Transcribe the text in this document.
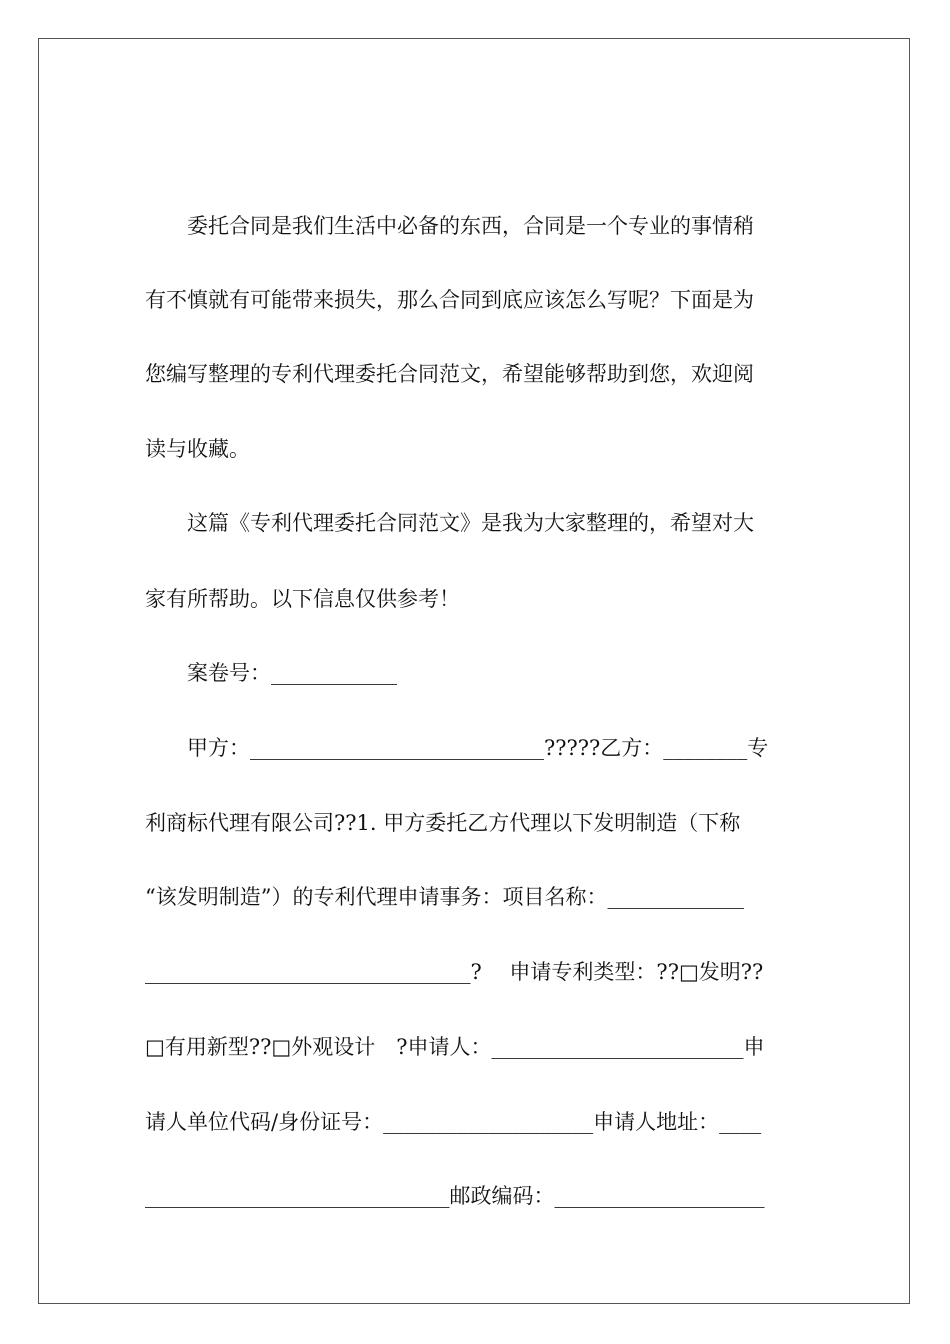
　　委托合同是我们生活中必备的东西，合同是一个专业的事情稍
有不慎就有可能带来损失，那么合同到底应该怎么写呢？下面是为
您编写整理的专利代理委托合同范文，希望能够帮助到您，欢迎阅
读与收藏。
　　这篇《专利代理委托合同范文》是我为大家整理的，希望对大
家有所帮助。以下信息仅供参考！
　　案卷号：____________
　　甲方：____________________________?????乙方：________专
利商标代理有限公司??1. 甲方委托乙方代理以下发明制造（下称
“该发明制造”）的专利代理申请事务：项目名称：_____________
_______________________________?　 申请专利类型：??□发明??
□有用新型??□外观设计　?申请人：________________________申
请人单位代码/身份证号：____________________申请人地址：____
_____________________________邮政编码：____________________
